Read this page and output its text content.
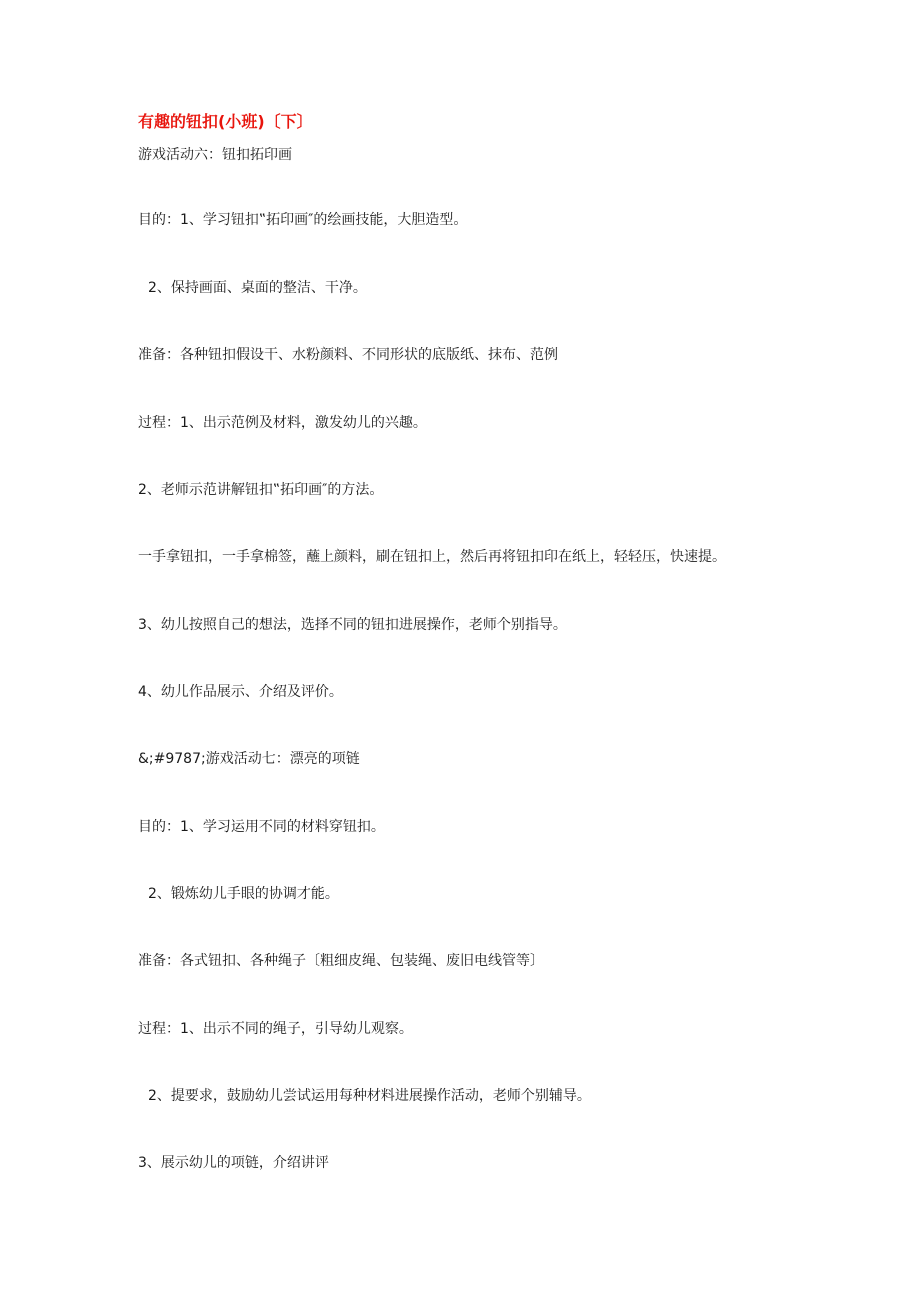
有趣的钮扣(小班)〔下〕
游戏活动六：钮扣拓印画
目的：1、学习钮扣‟拓印画″的绘画技能，大胆造型。
2、保持画面、桌面的整洁、干净。
准备：各种钮扣假设干、水粉颜料、不同形状的底版纸、抹布、范例
过程：1、出示范例及材料，激发幼儿的兴趣。
2、老师示范讲解钮扣‟拓印画″的方法。
一手拿钮扣，一手拿棉签，蘸上颜料，刷在钮扣上，然后再将钮扣印在纸上，轻轻压，快速提。
3、幼儿按照自己的想法，选择不同的钮扣进展操作，老师个别指导。
4、幼儿作品展示、介绍及评价。
&;#9787;游戏活动七：漂亮的项链
目的：1、学习运用不同的材料穿钮扣。
2、锻炼幼儿手眼的协调才能。
准备：各式钮扣、各种绳子〔粗细皮绳、包装绳、废旧电线管等〕
过程：1、出示不同的绳子，引导幼儿观察。
2、提要求，鼓励幼儿尝试运用每种材料进展操作活动，老师个别辅导。
3、展示幼儿的项链，介绍讲评
